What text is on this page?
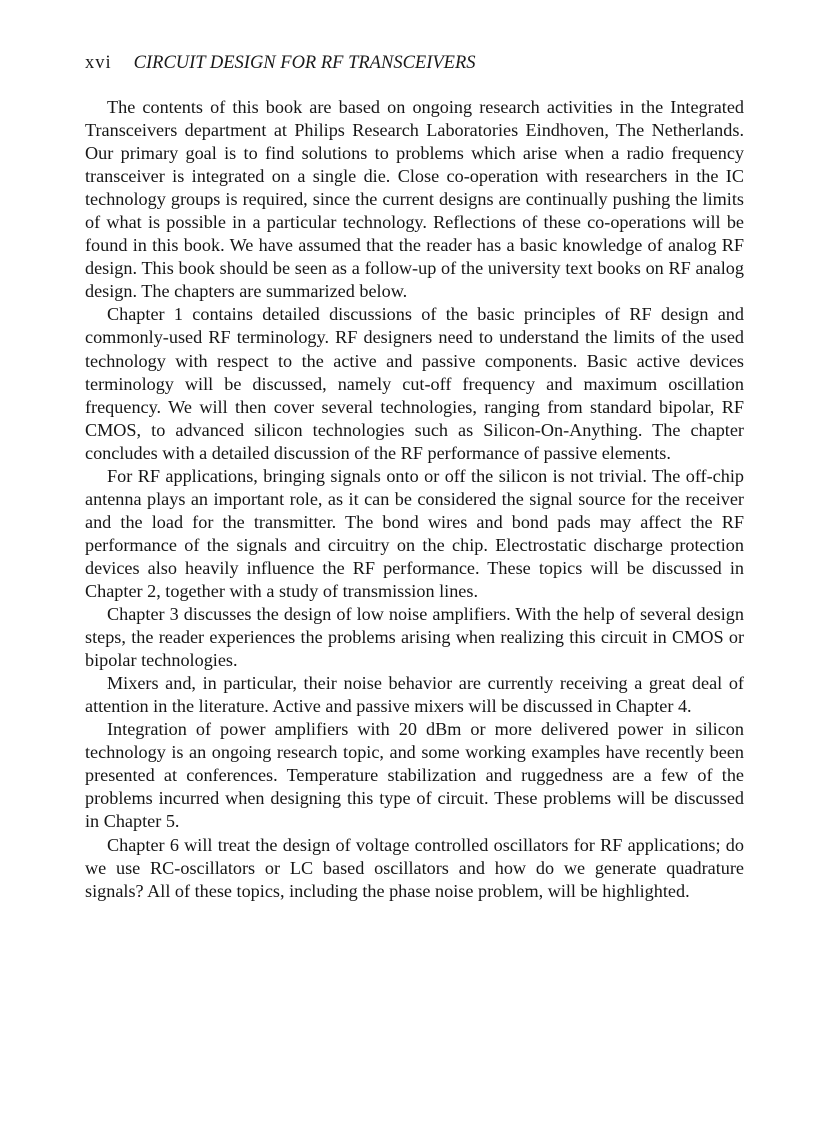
xvi CIRCUIT DESIGN FOR RF TRANSCEIVERS

The contents of this book are based on ongoing research activities in the Integrated Transceivers department at Philips Research Laboratories Eindhoven, The Netherlands. Our primary goal is to find solutions to problems which arise when a radio frequency transceiver is integrated on a single die. Close co-operation with researchers in the IC technology groups is required, since the current designs are continually pushing the limits of what is possible in a particular technology. Reflections of these co-operations will be found in this book. We have assumed that the reader has a basic knowledge of analog RF design. This book should be seen as a follow-up of the university text books on RF analog design. The chapters are summarized below.

Chapter 1 contains detailed discussions of the basic principles of RF design and commonly-used RF terminology. RF designers need to understand the limits of the used technology with respect to the active and passive components. Basic active devices terminology will be discussed, namely cut-off frequency and maximum oscillation frequency. We will then cover several technologies, ranging from standard bipolar, RF CMOS, to advanced silicon technologies such as Silicon-On-Anything. The chapter concludes with a detailed discussion of the RF performance of passive elements.

For RF applications, bringing signals onto or off the silicon is not trivial. The off-chip antenna plays an important role, as it can be considered the signal source for the receiver and the load for the transmitter. The bond wires and bond pads may affect the RF performance of the signals and circuitry on the chip. Electrostatic discharge protection devices also heavily influence the RF performance. These topics will be discussed in Chapter 2, together with a study of transmission lines.

Chapter 3 discusses the design of low noise amplifiers. With the help of several design steps, the reader experiences the problems arising when realizing this circuit in CMOS or bipolar technologies.

Mixers and, in particular, their noise behavior are currently receiving a great deal of attention in the literature. Active and passive mixers will be discussed in Chapter 4.

Integration of power amplifiers with 20 dBm or more delivered power in silicon technology is an ongoing research topic, and some working examples have recently been presented at conferences. Temperature stabilization and ruggedness are a few of the problems incurred when designing this type of circuit. These problems will be discussed in Chapter 5.

Chapter 6 will treat the design of voltage controlled oscillators for RF applications; do we use RC-oscillators or LC based oscillators and how do we generate quadrature signals? All of these topics, including the phase noise problem, will be highlighted.
